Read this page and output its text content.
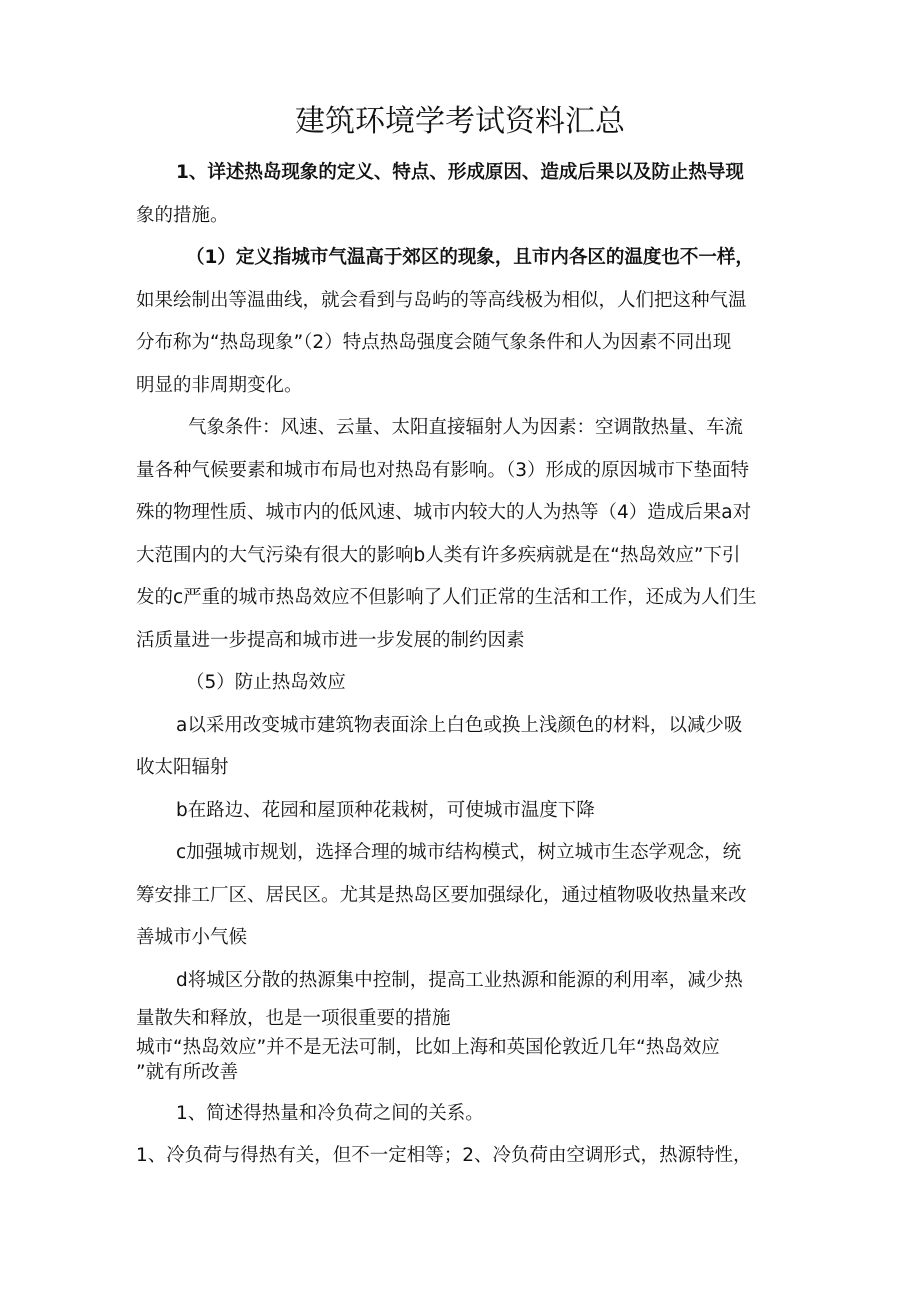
建筑环境学考试资料汇总

1、详述热岛现象的定义、特点、形成原因、造成后果以及防止热导现

象的措施。

（1）定义指城市气温高于郊区的现象，且市内各区的温度也不一样，

如果绘制出等温曲线，就会看到与岛屿的等高线极为相似，人们把这种气温

分布称为“热岛现象”（2）特点热岛强度会随气象条件和人为因素不同出现

明显的非周期变化。

气象条件：风速、云量、太阳直接辐射人为因素：空调散热量、车流

量各种气候要素和城市布局也对热岛有影响。（3）形成的原因城市下垫面特

殊的物理性质、城市内的低风速、城市内较大的人为热等（4）造成后果a对

大范围内的大气污染有很大的影响b人类有许多疾病就是在“热岛效应”下引

发的c严重的城市热岛效应不但影响了人们正常的生活和工作，还成为人们生

活质量进一步提高和城市进一步发展的制约因素

（5）防止热岛效应

a以采用改变城市建筑物表面涂上白色或换上浅颜色的材料，以减少吸

收太阳辐射

b在路边、花园和屋顶种花栽树，可使城市温度下降

c加强城市规划，选择合理的城市结构模式，树立城市生态学观念，统

筹安排工厂区、居民区。尤其是热岛区要加强绿化，通过植物吸收热量来改

善城市小气候

d将城区分散的热源集中控制，提高工业热源和能源的利用率，减少热

量散失和释放，也是一项很重要的措施

城市“热岛效应”并不是无法可制，比如上海和英国伦敦近几年“热岛效应

”就有所改善

1、简述得热量和冷负荷之间的关系。

1、冷负荷与得热有关，但不一定相等；2、冷负荷由空调形式，热源特性，
